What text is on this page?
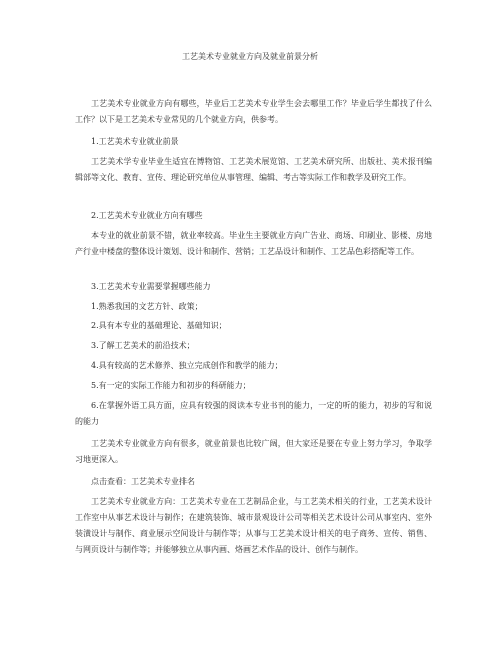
工艺美术专业就业方向及就业前景分析
工艺美术专业就业方向有哪些，毕业后工艺美术专业学生会去哪里工作？毕业后学生都找了什么工作？以下是工艺美术专业常见的几个就业方向，供参考。
1.工艺美术专业就业前景
工艺美术学专业毕业生适宜在博物馆、工艺美术展览馆、工艺美术研究所、出版社、美术报刊编辑部等文化、教育、宣传、理论研究单位从事管理、编辑、考古等实际工作和教学及研究工作。
2.工艺美术专业就业方向有哪些
本专业的就业前景不错，就业率较高。毕业生主要就业方向广告业、商场、印刷业、影楼、房地产行业中楼盘的整体设计策划、设计和制作、营销；工艺品设计和制作、工艺品色彩搭配等工作。
3.工艺美术专业需要掌握哪些能力
1.熟悉我国的文艺方针、政策；
2.具有本专业的基础理论、基础知识；
3.了解工艺美术的前沿技术；
4.具有较高的艺术修养、独立完成创作和教学的能力；
5.有一定的实际工作能力和初步的科研能力；
6.在掌握外语工具方面，应具有较强的阅读本专业书刊的能力，一定的听的能力，初步的写和说的能力
工艺美术专业就业方向有很多，就业前景也比较广阔，但大家还是要在专业上努力学习，争取学习地更深入。
点击查看：工艺美术专业排名
工艺美术专业就业方向：工艺美术专业在工艺制品企业，与工艺美术相关的行业，工艺美术设计工作室中从事艺术设计与制作；在建筑装饰、城市景观设计公司等相关艺术设计公司从事室内、室外装潢设计与制作、商业展示空间设计与制作等；从事与工艺美术设计相关的电子商务、宣传、销售、与网页设计与制作等；并能够独立从事内画、烙画艺术作品的设计、创作与制作。
